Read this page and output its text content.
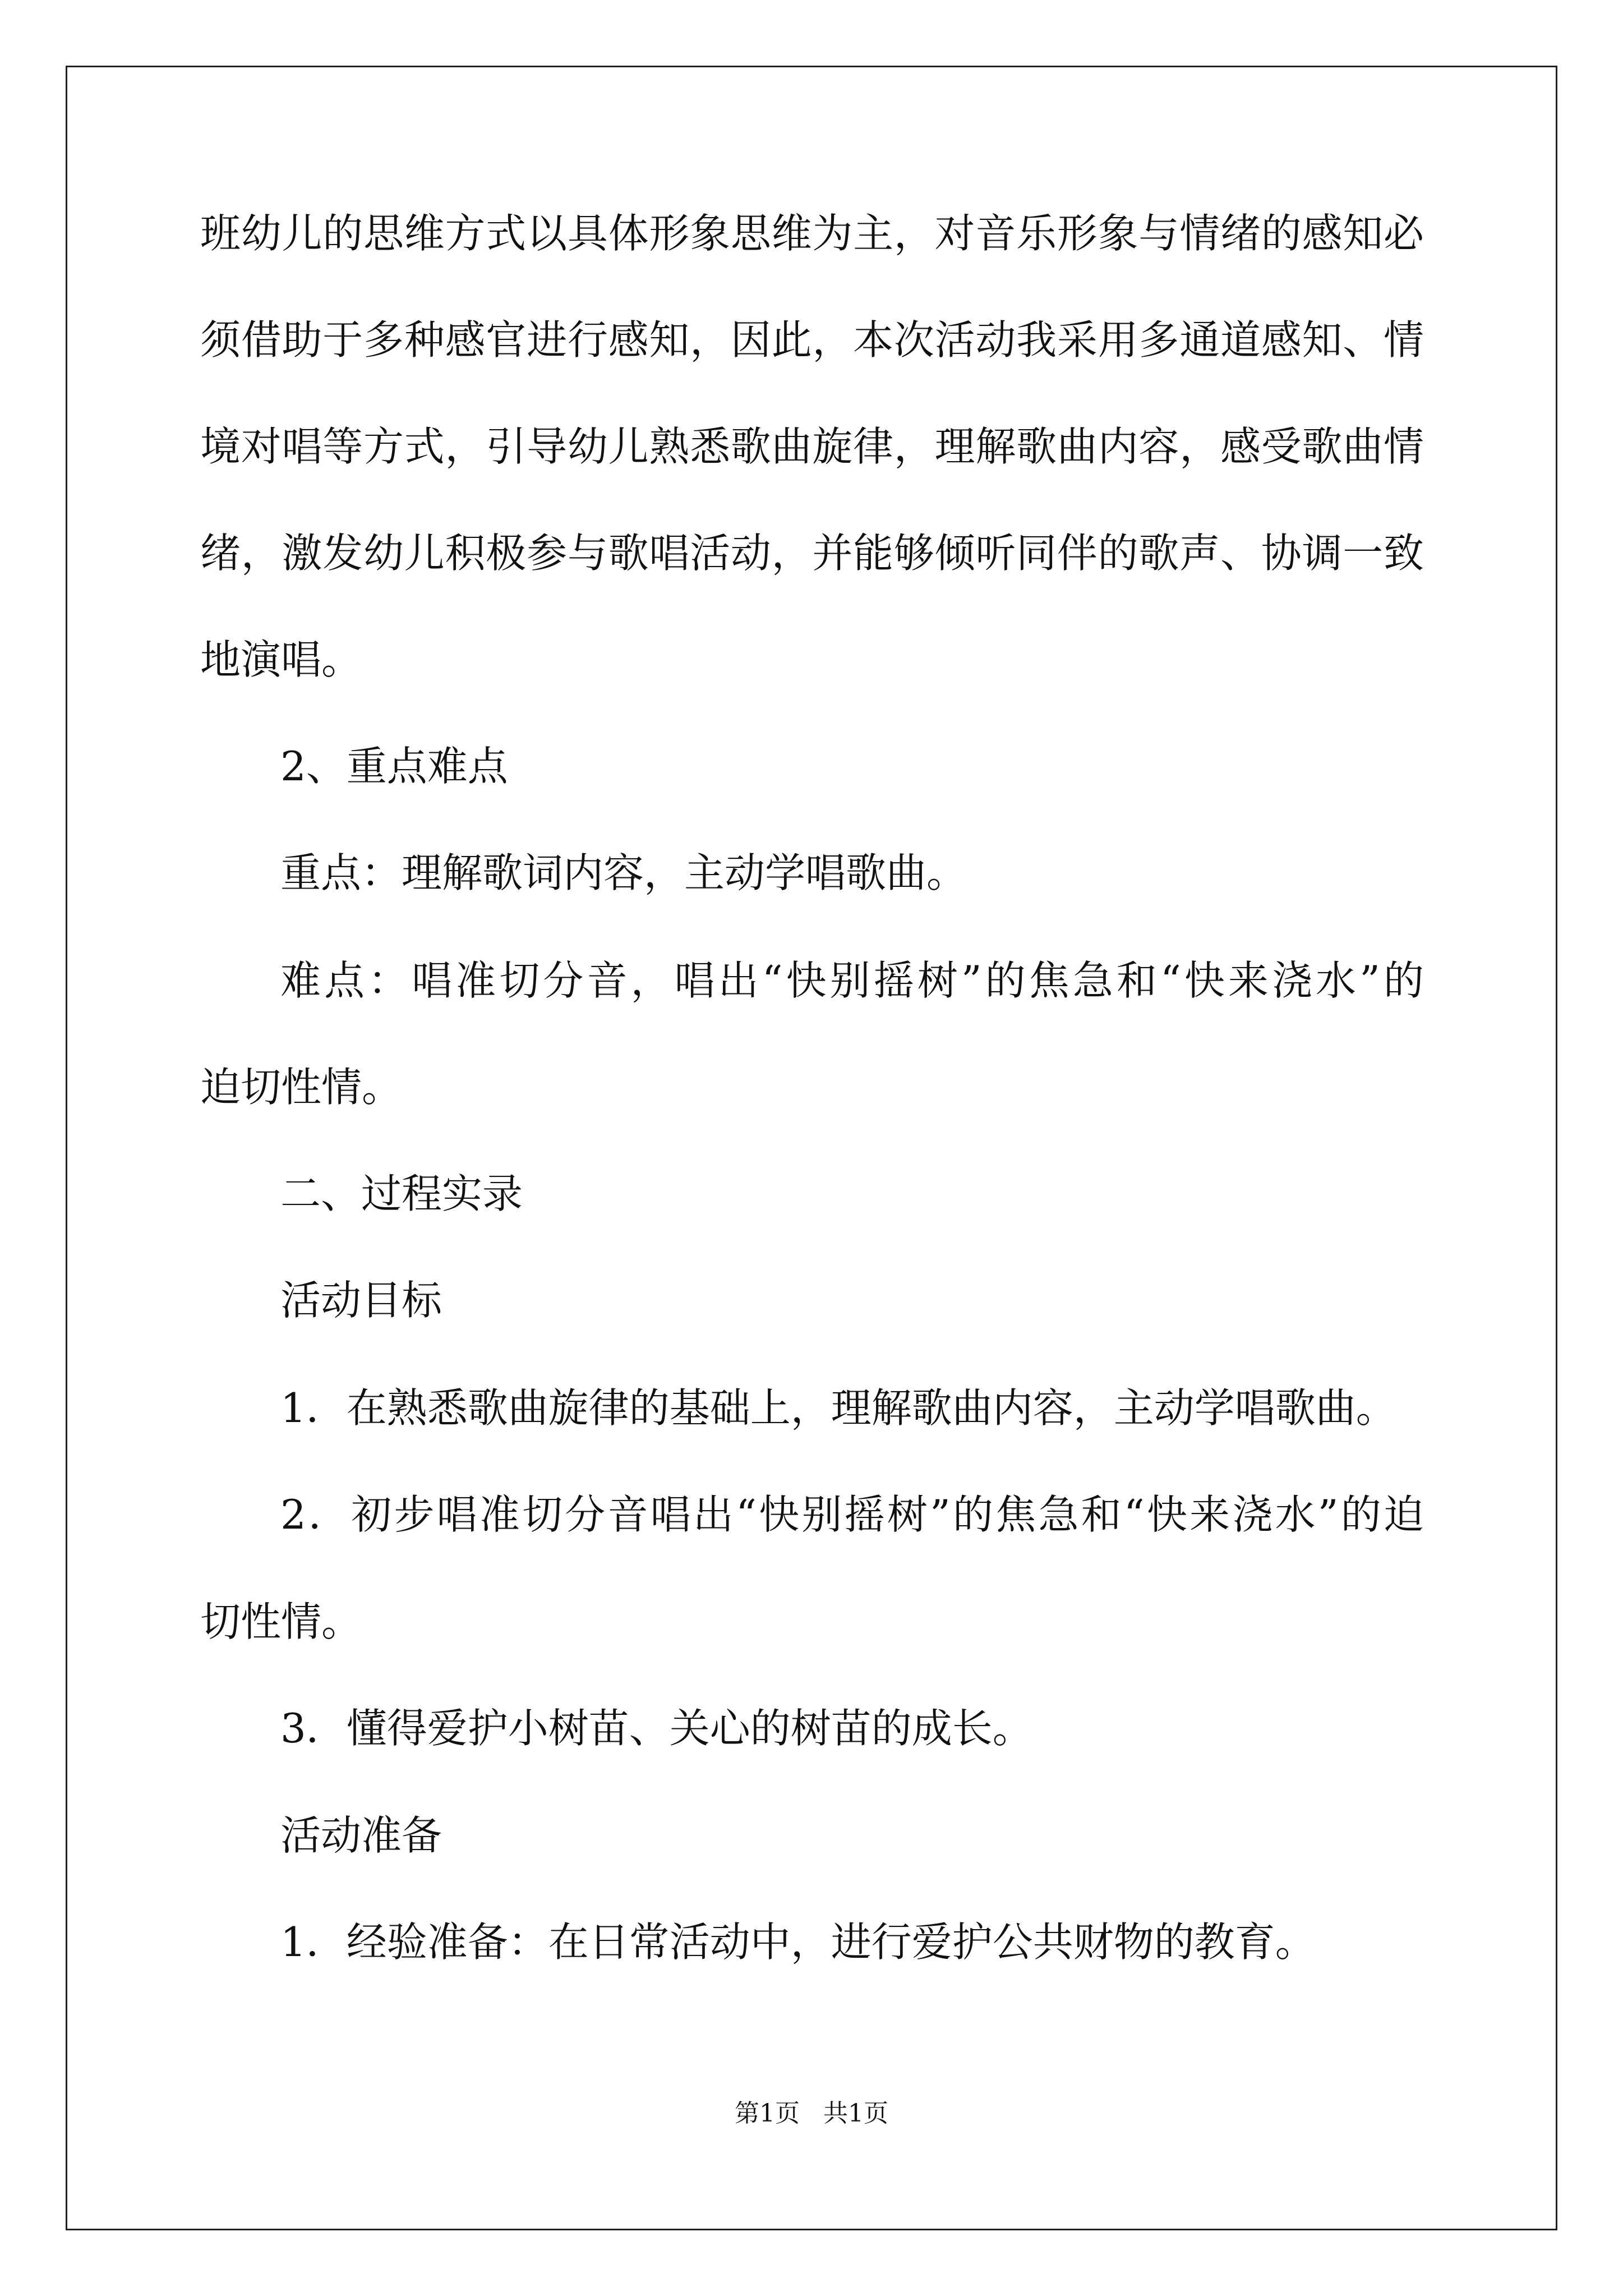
班幼儿的思维方式以具体形象思维为主，对音乐形象与情绪的感知必
须借助于多种感官进行感知，因此，本次活动我采用多通道感知、情
境对唱等方式，引导幼儿熟悉歌曲旋律，理解歌曲内容，感受歌曲情
绪，激发幼儿积极参与歌唱活动，并能够倾听同伴的歌声、协调一致
地演唱。
2、重点难点
重点：理解歌词内容，主动学唱歌曲。
难点：唱准切分音，唱出“快别摇树”的焦急和“快来浇水”的
迫切性情。
二、过程实录
活动目标
1．在熟悉歌曲旋律的基础上，理解歌曲内容，主动学唱歌曲。
2．初步唱准切分音唱出“快别摇树”的焦急和“快来浇水”的迫
切性情。
3．懂得爱护小树苗、关心的树苗的成长。
活动准备
1．经验准备：在日常活动中，进行爱护公共财物的教育。
第1页   共1页
